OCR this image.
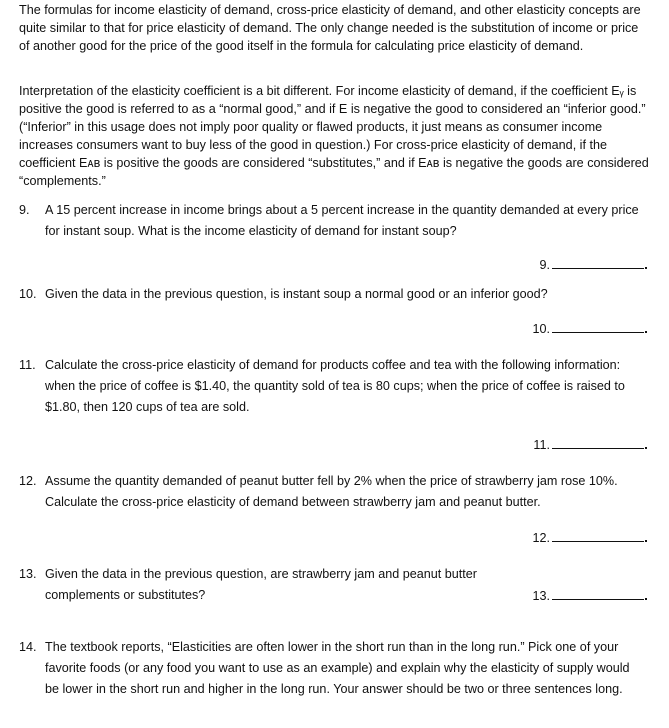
The formulas for income elasticity of demand, cross-price elasticity of demand, and other elasticity concepts are quite similar to that for price elasticity of demand. The only change needed is the substitution of income or price of another good for the price of the good itself in the formula for calculating price elasticity of demand.

Interpretation of the elasticity coefficient is a bit different. For income elasticity of demand, if the coefficient Eᵧ is positive the good is referred to as a “normal good,” and if E is negative the good to considered an “inferior good.” (“Inferior” in this usage does not imply poor quality or flawed products, it just means as consumer income increases consumers want to buy less of the good in question.) For cross-price elasticity of demand, if the coefficient Eᴀʙ is positive the goods are considered “substitutes,” and if Eᴀʙ is negative the goods are considered “complements.”

9. A 15 percent increase in income brings about a 5 percent increase in the quantity demanded at every price for instant soup. What is the income elasticity of demand for instant soup?
9.
10. Given the data in the previous question, is instant soup a normal good or an inferior good?
10.
11. Calculate the cross-price elasticity of demand for products coffee and tea with the following information: when the price of coffee is $1.40, the quantity sold of tea is 80 cups; when the price of coffee is raised to $1.80, then 120 cups of tea are sold.
11.
12. Assume the quantity demanded of peanut butter fell by 2% when the price of strawberry jam rose 10%. Calculate the cross-price elasticity of demand between strawberry jam and peanut butter.
12.
13. Given the data in the previous question, are strawberry jam and peanut butter complements or substitutes?	13.
14. The textbook reports, “Elasticities are often lower in the short run than in the long run.” Pick one of your favorite foods (or any food you want to use as an example) and explain why the elasticity of supply would be lower in the short run and higher in the long run. Your answer should be two or three sentences long.
